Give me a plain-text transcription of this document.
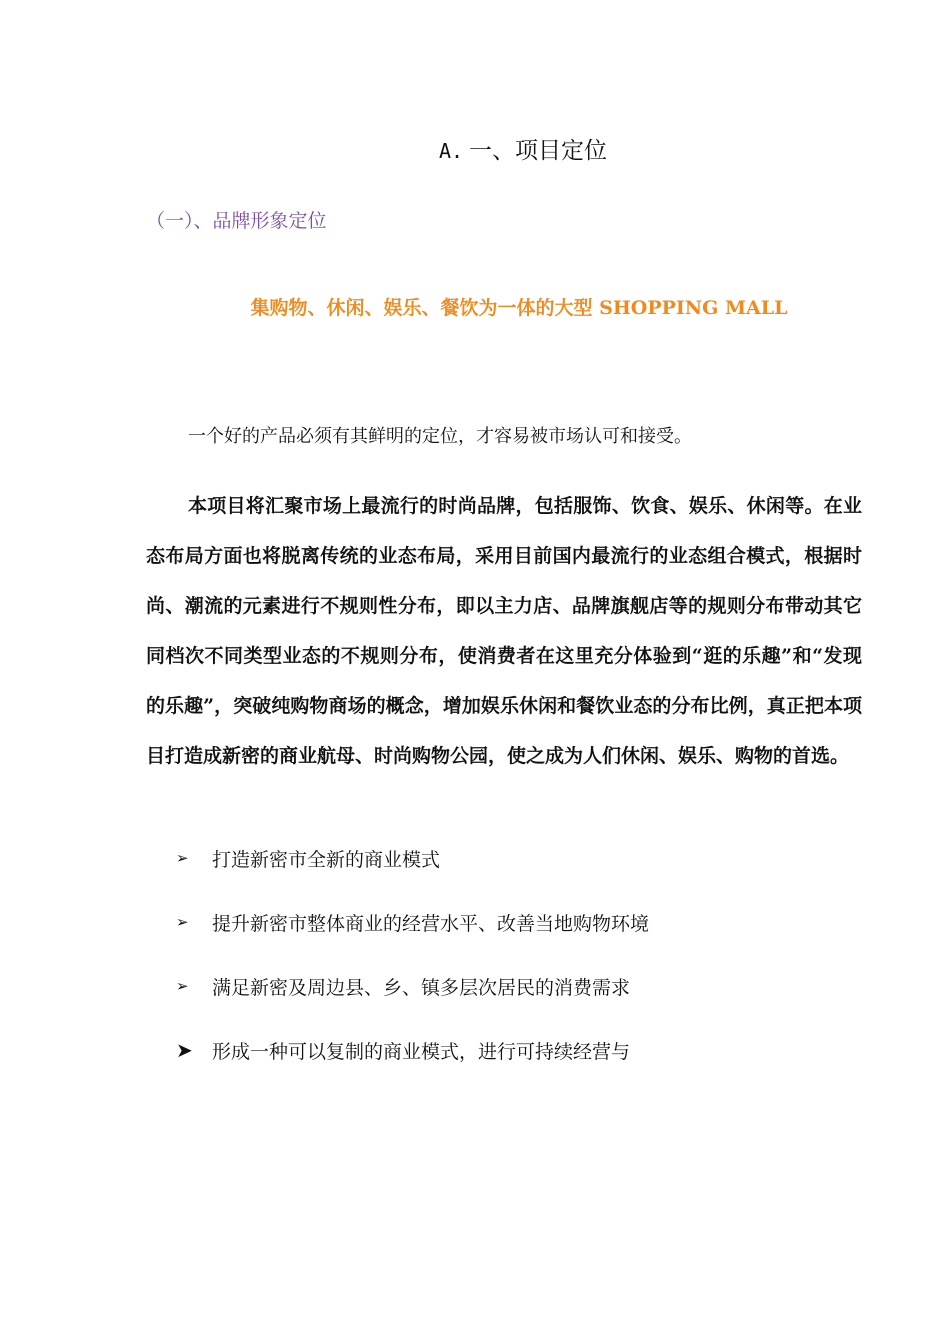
A. 一、项目定位
（一）、品牌形象定位
集购物、休闲、娱乐、餐饮为一体的大型 SHOPPING MALL
一个好的产品必须有其鲜明的定位，才容易被市场认可和接受。
本项目将汇聚市场上最流行的时尚品牌，包括服饰、饮食、娱乐、休闲等。在业态布局方面也将脱离传统的业态布局，采用目前国内最流行的业态组合模式，根据时尚、潮流的元素进行不规则性分布，即以主力店、品牌旗舰店等的规则分布带动其它同档次不同类型业态的不规则分布，使消费者在这里充分体验到“逛的乐趣”和“发现的乐趣”，突破纯购物商场的概念，增加娱乐休闲和餐饮业态的分布比例，真正把本项目打造成新密的商业航母、时尚购物公园，使之成为人们休闲、娱乐、购物的首选。
➢	打造新密市全新的商业模式
➢	提升新密市整体商业的经营水平、改善当地购物环境
➢	满足新密及周边县、乡、镇多层次居民的消费需求
➤	形成一种可以复制的商业模式，进行可持续经营与
